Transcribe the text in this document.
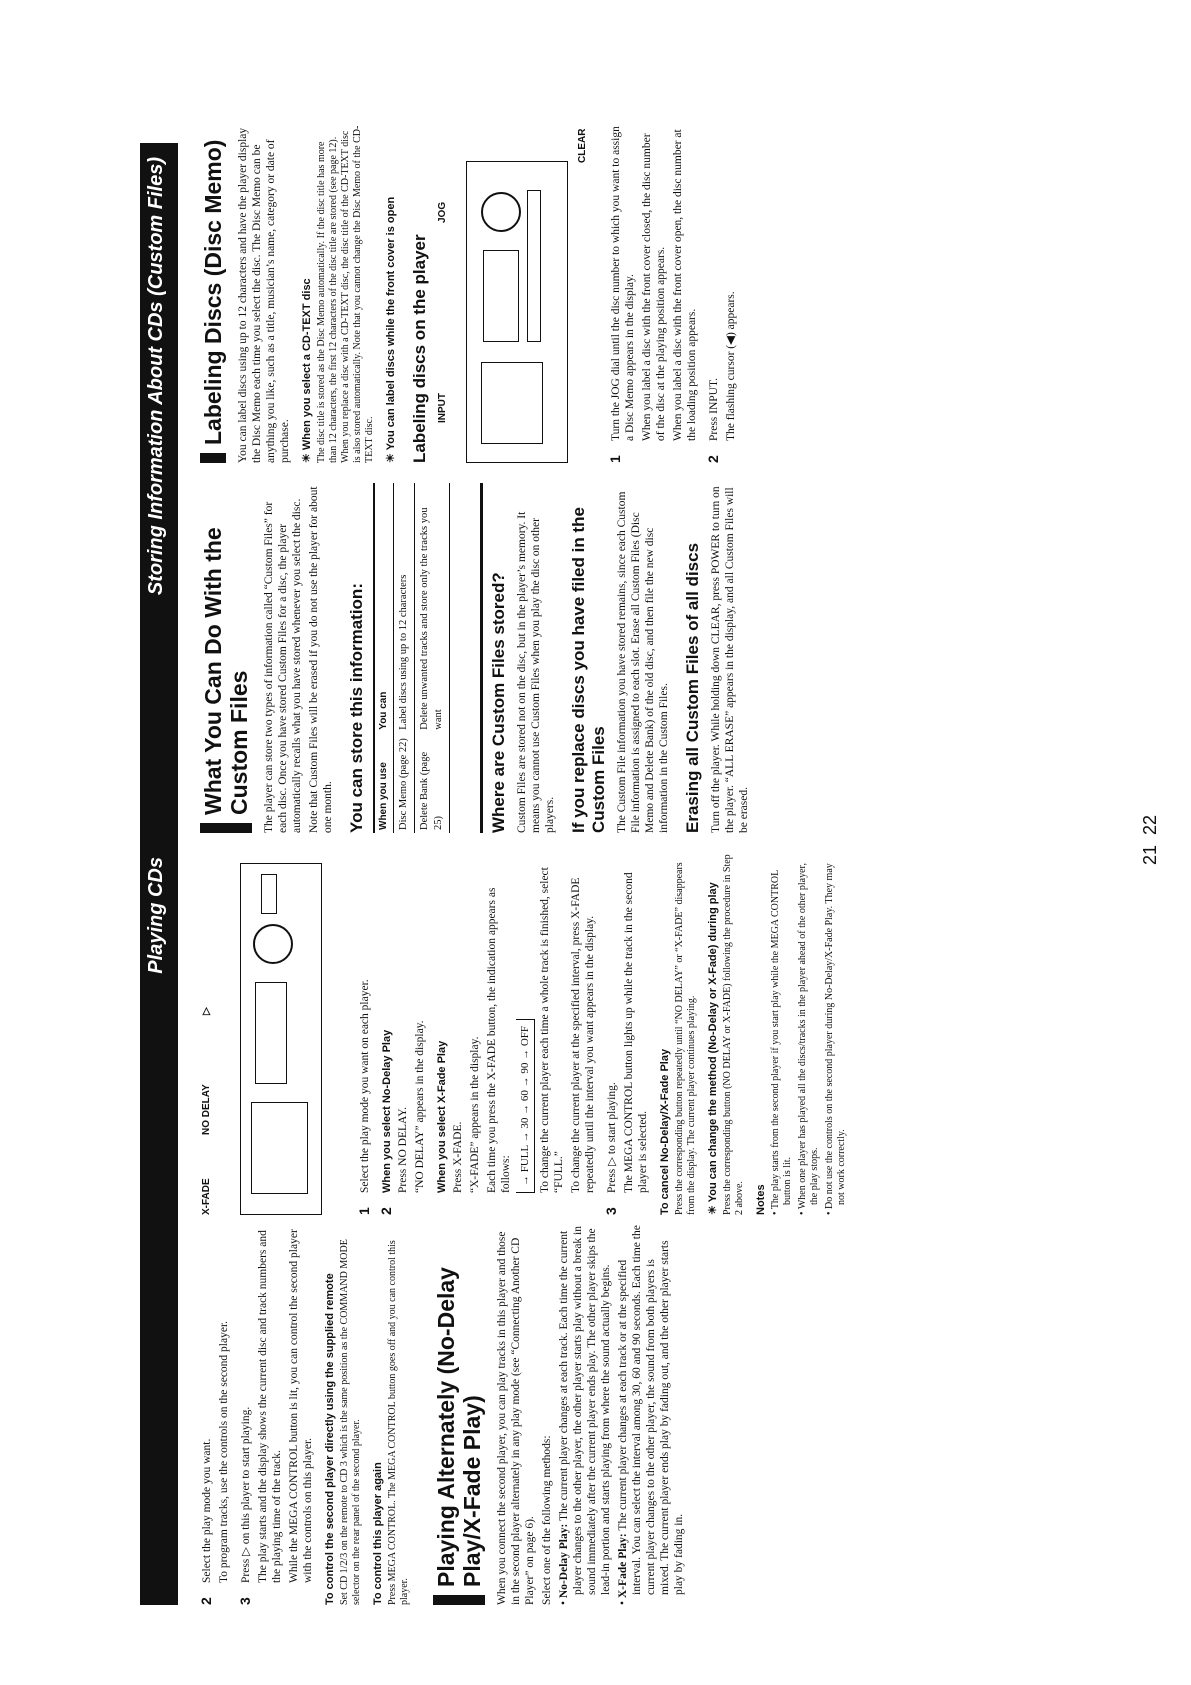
Playing CDs
2

Select the play mode you want. To program tracks, use the controls on the second player.

3

Press ▷ on this player to start playing. The play starts and the display shows the current disc and track numbers and the playing time of the track. While the MEGA CONTROL button is lit, you can control the second player with the controls on this player. To control the second player directly using the supplied remote Set CD 1/2/3 on the remote to CD 3 which is the same position as the COMMAND MODE selector on the rear panel of the second player. To control this player again Press MEGA CONTROL. The MEGA CONTROL button goes off and you can control this player.

Playing Alternately (No-Delay Play/X-Fade Play) When you connect the second player, you can play tracks in this player and those in the second player alternately in any play mode (see “Connecting Another CD Player” on page 6). Select one of the following methods: • No-Delay Play: The current player changes at each track. Each time the current player changes to the other player, the other player starts play without a break in sound immediately after the current player ends play. The other player skips the lead-in portion and starts playing from where the sound actually begins.

• X-Fade Play: The current player changes at each track or at the specified interval. You can select the interval among 30, 60 and 90 seconds. Each time the current player changes to the other player, the sound from both players is mixed. The current player ends play by fading out, and the other player starts play by fading in.

X-FADE
NO DELAY
▷
1

Select the play mode you want on each player.

2
When you select No-Delay Play Press NO DELAY. “NO DELAY” appears in the display. When you select X-Fade Play Press X-FADE. “X-FADE” appears in the display. Each time you press the X-FADE button, the indication appears as follows: → FULL → 30 → 60 → 90 → OFF To change the current player each time a whole track is finished, select “FULL.” To change the current player at the specified interval, press X-FADE repeatedly until the interval you want appears in the display.

3

Press ▷ to start playing. The MEGA CONTROL button lights up while the track in the second player is selected. To cancel No-Delay/X-Fade Play Press the corresponding button repeatedly until “NO DELAY” or “X-FADE” disappears from the display. The current player continues playing. ☀ You can change the method (No-Delay or X-Fade) during play Press the corresponding button (NO DELAY or X-FADE) following the procedure in Step 2 above. Notes • The play starts from the second player if you start play while the MEGA CONTROL button is lit. • When one player has played all the discs/tracks in the player ahead of the other player, the play stops. • Do not use the controls on the second player during No-Delay/X-Fade Play. They may not work correctly.

21
Storing Information About CDs (Custom Files)
What You Can Do With the Custom Files The player can store two types of information called “Custom Files” for each disc. Once you have stored Custom Files for a disc, the player automatically recalls what you have stored whenever you select the disc. Note that Custom Files will be erased if you do not use the player for about one month. You can store this information: When you use	You can
Disc Memo (page 22)	Label discs using up to 12 characters
Delete Bank (page 25)	Delete unwanted tracks and store only the tracks you want	Where are Custom Files stored? Custom Files are stored not on the disc, but in the player’s memory. It means you cannot use Custom Files when you play the disc on other players. If you replace discs you have filed in the Custom Files The Custom File information you have stored remains, since each Custom File information is assigned to each slot. Erase all Custom Files (Disc Memo and Delete Bank) of the old disc, and then file the new disc information in the Custom Files. Erasing all Custom Files of all discs Turn off the player. While holding down CLEAR, press POWER to turn on the player. “ALL ERASE” appears in the display, and all Custom Files will be erased.

Labeling Discs (Disc Memo) You can label discs using up to 12 characters and have the player display the Disc Memo each time you select the disc. The Disc Memo can be anything you like, such as a title, musician’s name, category or date of purchase. ☀ When you select a CD-TEXT disc The disc title is stored as the Disc Memo automatically. If the disc title has more than 12 characters, the first 12 characters of the disc title are stored (see page 12). When you replace a disc with a CD-TEXT disc, the disc title of the CD-TEXT disc is also stored automatically. Note that you cannot change the Disc Memo of the CD-TEXT disc. ☀ You can label discs while the front cover is open Labeling discs on the player INPUT
JOG
CLEAR
1

Turn the JOG dial until the disc number to which you want to assign a Disc Memo appears in the display. When you label a disc with the front cover closed, the disc number of the disc at the playing position appears. When you label a disc with the front cover open, the disc number at the loading position appears.

2

Press INPUT. The flashing cursor (◀) appears.

22
